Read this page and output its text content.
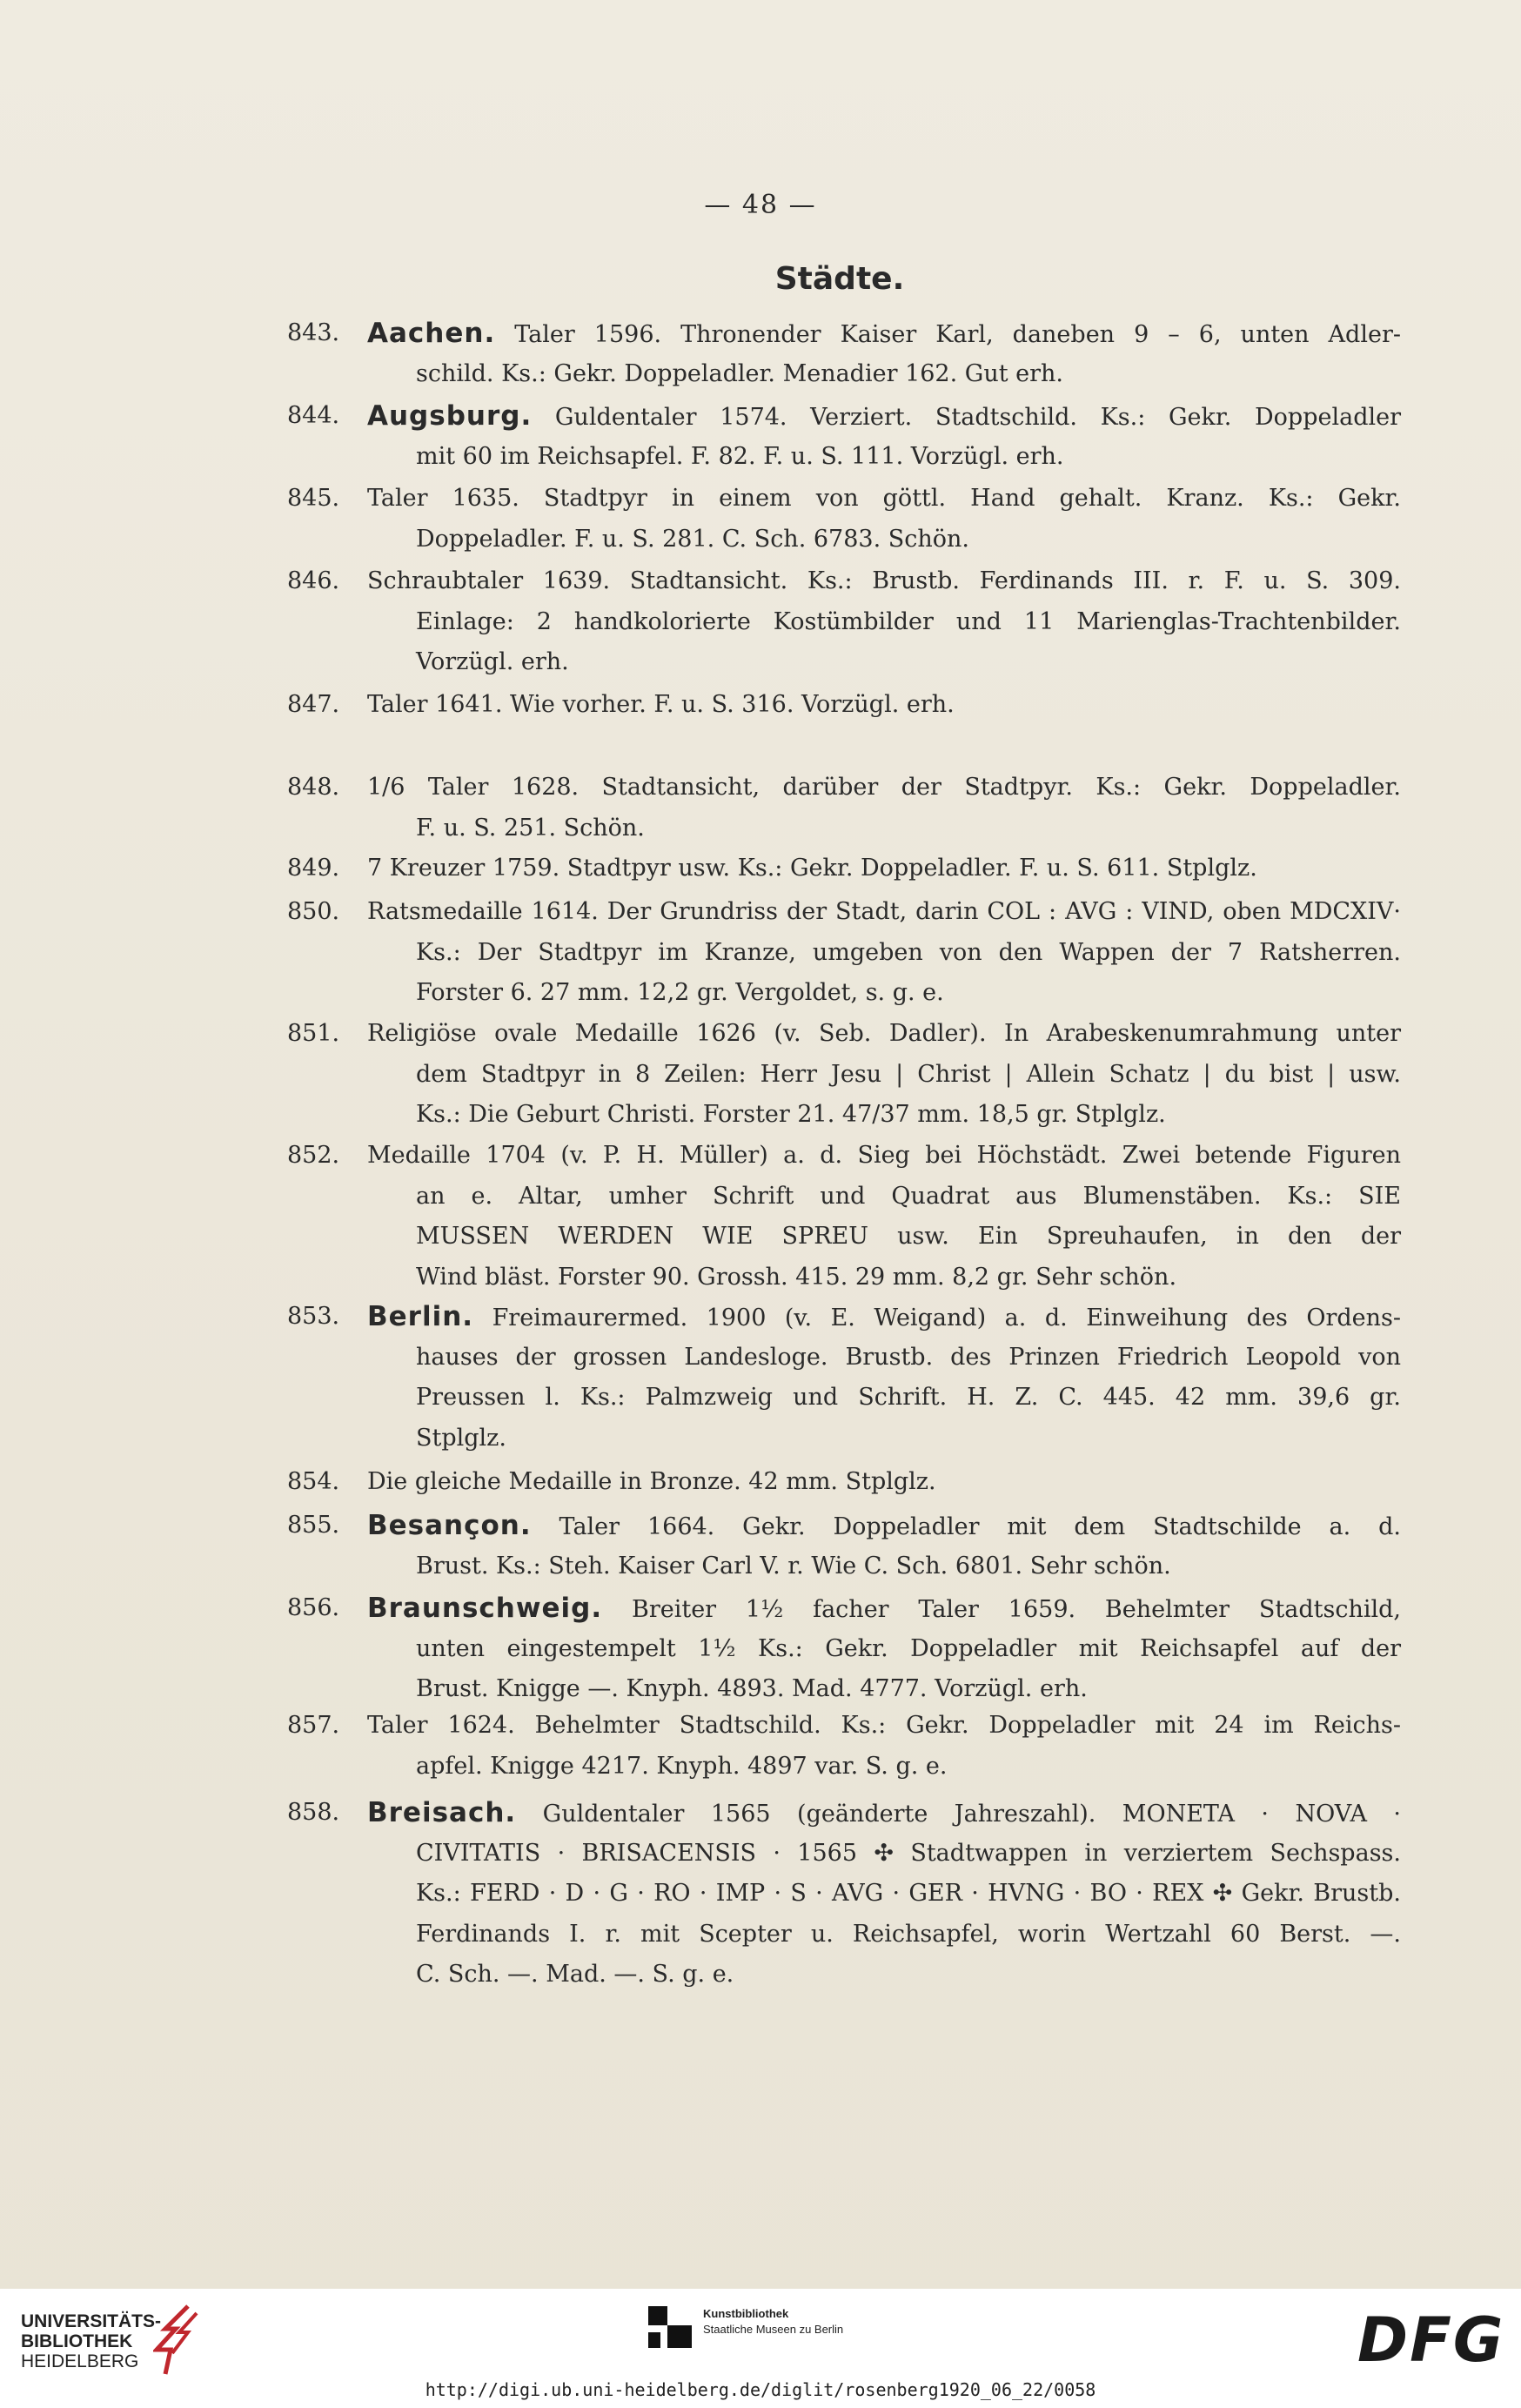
— 48 —
Städte.
843.	Aachen. Taler 1596. Thronender Kaiser Karl, daneben 9 – 6, unten Adler-
schild. Ks.: Gekr. Doppeladler. Menadier 162. Gut erh.
844.	Augsburg. Guldentaler 1574. Verziert. Stadtschild. Ks.: Gekr. Doppeladler
mit 60 im Reichsapfel. F. 82. F. u. S. 111. Vorzügl. erh.
845.	Taler 1635. Stadtpyr in einem von göttl. Hand gehalt. Kranz. Ks.: Gekr.
Doppeladler. F. u. S. 281. C. Sch. 6783. Schön.
846.	Schraubtaler 1639. Stadtansicht. Ks.: Brustb. Ferdinands III. r. F. u. S. 309.
Einlage: 2 handkolorierte Kostümbilder und 11 Marienglas-Trachtenbilder.
Vorzügl. erh.
847.	Taler 1641. Wie vorher. F. u. S. 316. Vorzügl. erh.
848.	1/6 Taler 1628. Stadtansicht, darüber der Stadtpyr. Ks.: Gekr. Doppeladler.
F. u. S. 251. Schön.
849.	7 Kreuzer 1759. Stadtpyr usw. Ks.: Gekr. Doppeladler. F. u. S. 611. Stplglz.
850.	Ratsmedaille 1614. Der Grundriss der Stadt, darin COL : AVG : VIND, oben MDCXIV·
Ks.: Der Stadtpyr im Kranze, umgeben von den Wappen der 7 Ratsherren.
Forster 6. 27 mm. 12,2 gr. Vergoldet, s. g. e.
851.	Religiöse ovale Medaille 1626 (v. Seb. Dadler). In Arabeskenumrahmung unter
dem Stadtpyr in 8 Zeilen: Herr Jesu | Christ | Allein Schatz | du bist | usw.
Ks.: Die Geburt Christi. Forster 21. 47/37 mm. 18,5 gr. Stplglz.
852.	Medaille 1704 (v. P. H. Müller) a. d. Sieg bei Höchstädt. Zwei betende Figuren
an e. Altar, umher Schrift und Quadrat aus Blumenstäben. Ks.: SIE
MUSSEN WERDEN WIE SPREU usw. Ein Spreuhaufen, in den der
Wind bläst. Forster 90. Grossh. 415. 29 mm. 8,2 gr. Sehr schön.
853.	Berlin. Freimaurermed. 1900 (v. E. Weigand) a. d. Einweihung des Ordens-
hauses der grossen Landesloge. Brustb. des Prinzen Friedrich Leopold von
Preussen l. Ks.: Palmzweig und Schrift. H. Z. C. 445. 42 mm. 39,6 gr.
Stplglz.
854.	Die gleiche Medaille in Bronze. 42 mm. Stplglz.
855.	Besançon. Taler 1664. Gekr. Doppeladler mit dem Stadtschilde a. d.
Brust. Ks.: Steh. Kaiser Carl V. r. Wie C. Sch. 6801. Sehr schön.
856.	Braunschweig. Breiter 1½ facher Taler 1659. Behelmter Stadtschild,
unten eingestempelt 1½ Ks.: Gekr. Doppeladler mit Reichsapfel auf der
Brust. Knigge —. Knyph. 4893. Mad. 4777. Vorzügl. erh.
857.	Taler 1624. Behelmter Stadtschild. Ks.: Gekr. Doppeladler mit 24 im Reichs-
apfel. Knigge 4217. Knyph. 4897 var. S. g. e.
858.	Breisach. Guldentaler 1565 (geänderte Jahreszahl). MONETA · NOVA ·
CIVITATIS · BRISACENSIS · 1565 ✣ Stadtwappen in verziertem Sechspass.
Ks.: FERD · D · G · RO · IMP · S · AVG · GER · HVNG · BO · REX ✣ Gekr. Brustb.
Ferdinands I. r. mit Scepter u. Reichsapfel, worin Wertzahl 60 Berst. —.
C. Sch. —. Mad. —. S. g. e.
UNIVERSITÄTS-
BIBLIOTHEK
HEIDELBERG
Kunstbibliothek
Staatliche Museen zu Berlin	DFG
http://digi.ub.uni-heidelberg.de/diglit/rosenberg1920_06_22/0058
